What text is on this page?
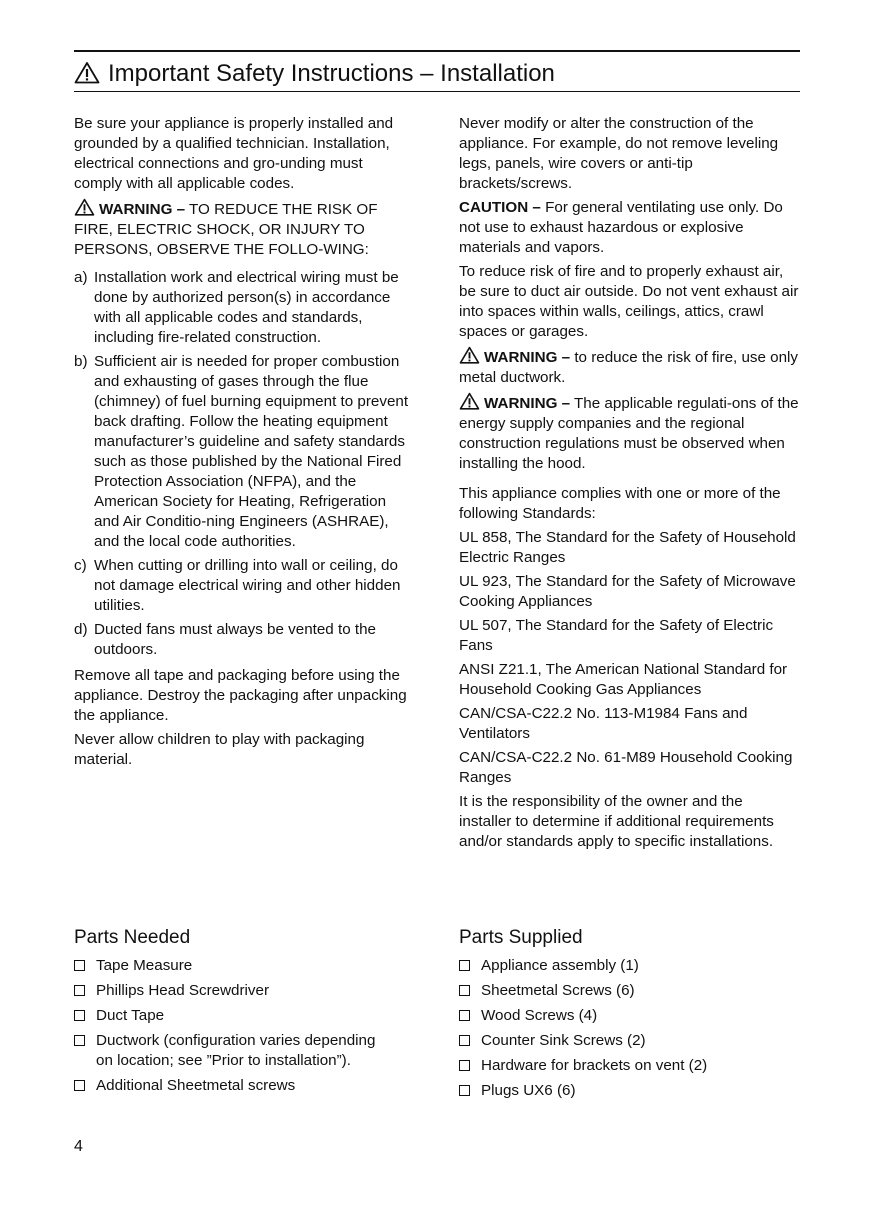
Important Safety Instructions – Installation

Be sure your appliance is properly installed and grounded by a qualified technician. Installation, electrical connections and gro-unding must comply with all applicable codes.

WARNING – TO REDUCE THE RISK OF FIRE, ELECTRIC SHOCK, OR INJURY TO PERSONS, OBSERVE THE FOLLO-WING:

a) Installation work and electrical wiring must be done by authorized person(s) in accordance with all applicable codes and standards, including fire-related construction.
b) Sufficient air is needed for proper combustion and exhausting of gases through the flue (chimney) of fuel burning equipment to prevent back drafting. Follow the heating equipment manufacturer’s guideline and safety standards such as those published by the National Fired Protection Association (NFPA), and the American Society for Heating, Refrigeration and Air Conditio-ning Engineers (ASHRAE), and the local code authorities.
c) When cutting or drilling into wall or ceiling, do not damage electrical wiring and other hidden utilities.
d) Ducted fans must always be vented to the outdoors.

Remove all tape and packaging before using the appliance. Destroy the packaging after unpacking the appliance.

Never allow children to play with packaging material.

Never modify or alter the construction of the appliance. For example, do not remove leveling legs, panels, wire covers or anti-tip brackets/screws.

CAUTION – For general ventilating use only. Do not use to exhaust hazardous or explosive materials and vapors.

To reduce risk of fire and to properly exhaust air, be sure to duct air outside. Do not vent exhaust air into spaces within walls, ceilings, attics, crawl spaces or garages.

WARNING – to reduce the risk of fire, use only metal ductwork.

WARNING – The applicable regulati-ons of the energy supply companies and the regional construction regulations must be observed when installing the hood.

This appliance complies with one or more of the following Standards:

UL 858, The Standard for the Safety of Household Electric Ranges

UL 923, The Standard for the Safety of Microwave Cooking Appliances

UL 507, The Standard for the Safety of Electric Fans

ANSI Z21.1, The American National Standard for Household Cooking Gas Appliances

CAN/CSA-C22.2 No. 113-M1984 Fans and Ventilators

CAN/CSA-C22.2 No. 61-M89 Household Cooking Ranges

It is the responsibility of the owner and the installer to determine if additional requirements and/or standards apply to specific installations.

Parts Needed
Tape Measure
Phillips Head Screwdriver
Duct Tape
Ductwork (configuration varies depending on location; see ”Prior to installation”).
Additional Sheetmetal screws
Parts Supplied
Appliance assembly (1)
Sheetmetal Screws (6)
Wood Screws (4)
Counter Sink Screws (2)
Hardware for brackets on vent (2)
Plugs UX6 (6)
4
